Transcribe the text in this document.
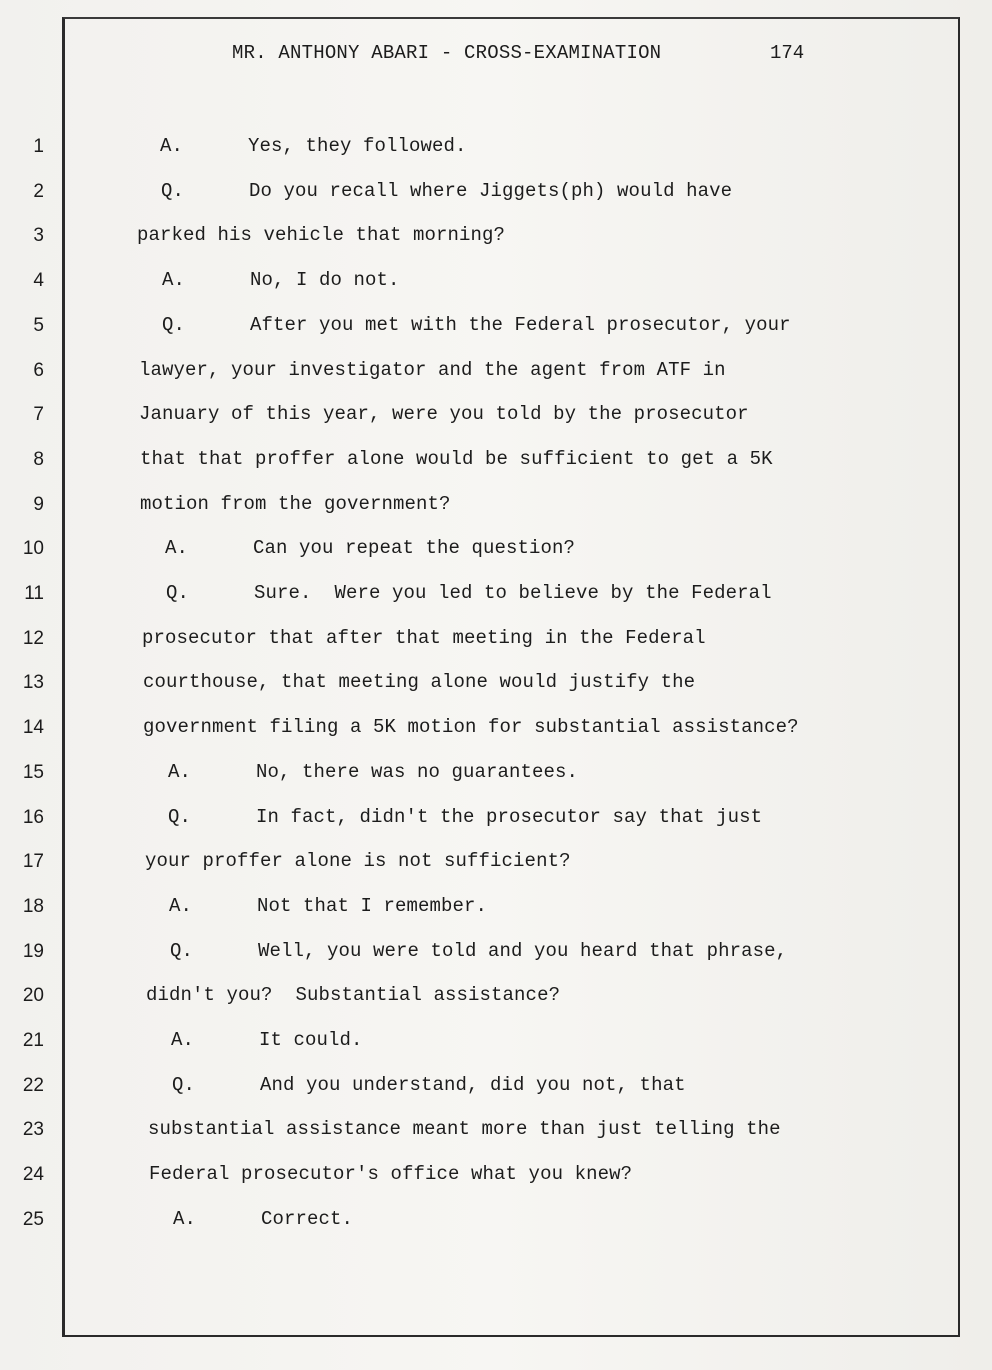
MR. ANTHONY ABARI - CROSS-EXAMINATION	174
1	A.	Yes, they followed.
2	Q.	Do you recall where Jiggets(ph) would have
3	parked his vehicle that morning?
4	A.	No, I do not.
5	Q.	After you met with the Federal prosecutor, your
6	lawyer, your investigator and the agent from ATF in
7	January of this year, were you told by the prosecutor
8	that that proffer alone would be sufficient to get a 5K
9	motion from the government?
10	A.	Can you repeat the question?
11	Q.	Sure.  Were you led to believe by the Federal
12	prosecutor that after that meeting in the Federal
13	courthouse, that meeting alone would justify the
14	government filing a 5K motion for substantial assistance?
15	A.	No, there was no guarantees.
16	Q.	In fact, didn't the prosecutor say that just
17	your proffer alone is not sufficient?
18	A.	Not that I remember.
19	Q.	Well, you were told and you heard that phrase,
20	didn't you?  Substantial assistance?
21	A.	It could.
22	Q.	And you understand, did you not, that
23	substantial assistance meant more than just telling the
24	Federal prosecutor's office what you knew?
25	A.	Correct.
